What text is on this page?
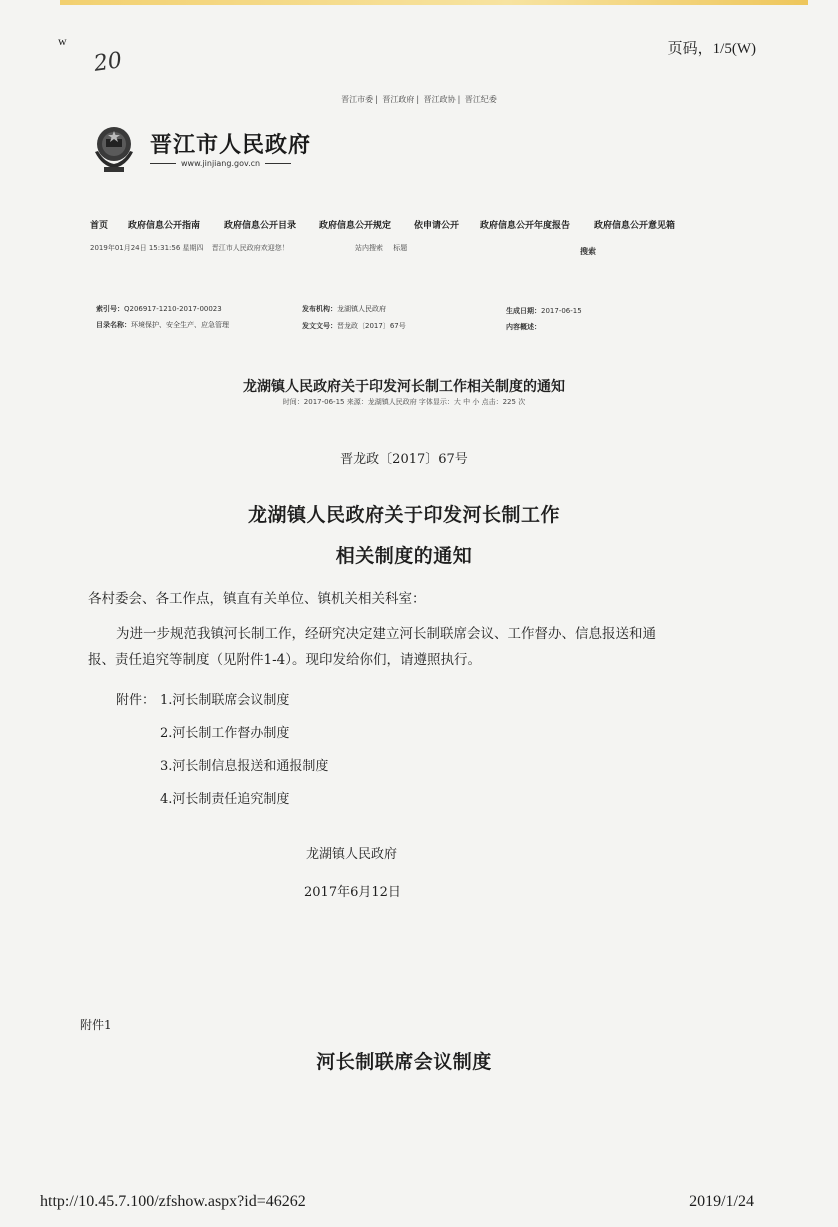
w
20	页码，1/5(W)
晋江市委 | 晋江政府 | 晋江政协 | 晋江纪委
晋江市人民政府
www.jinjiang.gov.cn
首页	政府信息公开指南	政府信息公开目录	政府信息公开规定	依申请公开	政府信息公开年度报告	政府信息公开意见箱
2019年01月24日 15:31:56 星期四 晋江市人民政府欢迎您！	站内搜索 标题	搜索
索引号：Q206917-1210-2017-00023	发布机构：龙湖镇人民政府	生成日期：2017-06-15
目录名称：环境保护、安全生产、应急管理	发文文号：晋龙政〔2017〕67号	内容概述：
龙湖镇人民政府关于印发河长制工作相关制度的通知
时间：2017-06-15 来源：龙湖镇人民政府 字体显示：大 中 小 点击：225 次
晋龙政〔2017〕67号
龙湖镇人民政府关于印发河长制工作
相关制度的通知
各村委会、各工作点，镇直有关单位、镇机关相关科室：
为进一步规范我镇河长制工作，经研究决定建立河长制联席会议、工作督办、信息报送和通
报、责任追究等制度（见附件1-4）。现印发给你们，请遵照执行。
附件： 1.河长制联席会议制度
2.河长制工作督办制度
3.河长制信息报送和通报制度
4.河长制责任追究制度
龙湖镇人民政府
2017年6月12日
附件1
河长制联席会议制度
http://10.45.7.100/zfshow.aspx?id=46262	2019/1/24
